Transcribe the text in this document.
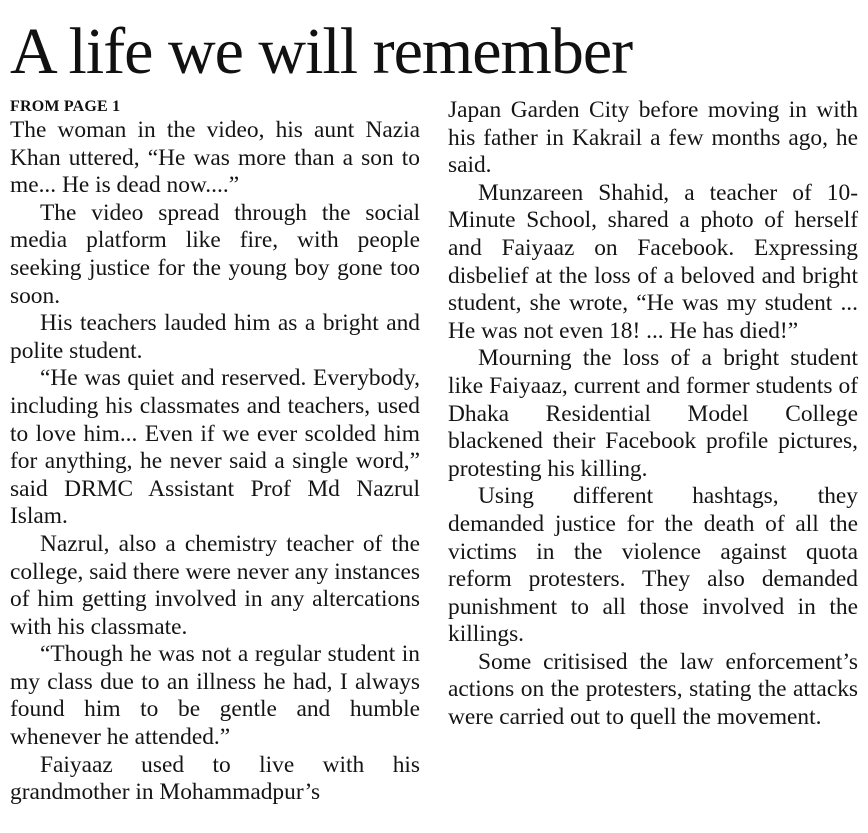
A life we will remember
FROM PAGE 1

The woman in the video, his aunt Nazia Khan uttered, “He was more than a son to me... He is dead now....”

The video spread through the social media platform like fire, with people seeking justice for the young boy gone too soon.

His teachers lauded him as a bright and polite student.

“He was quiet and reserved. Everybody, including his classmates and teachers, used to love him... Even if we ever scolded him for anything, he never said a single word,” said DRMC Assistant Prof Md Nazrul Islam.

Nazrul, also a chemistry teacher of the college, said there were never any instances of him getting involved in any altercations with his classmate.

“Though he was not a regular student in my class due to an illness he had, I always found him to be gentle and humble whenever he attended.”

Faiyaaz used to live with his grandmother in Mohammadpur’s

Japan Garden City before moving in with his father in Kakrail a few months ago, he said.

Munzareen Shahid, a teacher of 10-Minute School, shared a photo of herself and Faiyaaz on Facebook. Expressing disbelief at the loss of a beloved and bright student, she wrote, “He was my student ... He was not even 18! ... He has died!”

Mourning the loss of a bright student like Faiyaaz, current and former students of Dhaka Residential Model College blackened their Facebook profile pictures, protesting his killing.

Using different hashtags, they demanded justice for the death of all the victims in the violence against quota reform protesters. They also demanded punishment to all those involved in the killings.

Some critisised the law enforcement’s actions on the protesters, stating the attacks were carried out to quell the movement.
